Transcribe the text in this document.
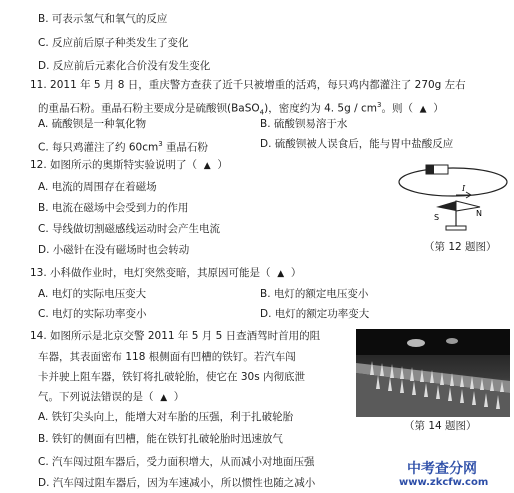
B. 可表示氢气和氧气的反应
C. 反应前后原子种类发生了变化
D. 反应前后元素化合价没有发生变化
11. 2011 年 5 月 8 日，重庆警方查获了近千只被增重的活鸡，每只鸡内都灌注了 270g 左右
的重晶石粉。重晶石粉主要成分是硫酸钡(BaSO$_4$)，密度约为 4. $5g / cm^3$。则（ ▲ ）
A. 硫酸钡是一种氧化物	B. 硫酸钡易溶于水
C. 每只鸡灌注了约 $60cm^3$ 重晶石粉	D. 硫酸钡被人误食后，能与胃中盐酸反应
12. 如图所示的奥斯特实验说明了（ ▲ ）
A. 电流的周围存在着磁场
B. 电流在磁场中会受到力的作用
C. 导线做切割磁感线运动时会产生电流
D. 小磁针在没有磁场时也会转动
I
S	N
（第 12 题图）
13. 小科做作业时，电灯突然变暗，其原因可能是（ ▲ ）
A. 电灯的实际电压变大	B. 电灯的额定电压变小
C. 电灯的实际功率变小	D. 电灯的额定功率变大
14. 如图所示是北京交警 2011 年 5 月 5 日查酒驾时首用的阻
车器，其表面密布 118 根侧面有凹槽的铁钉。若汽车闯
卡并驶上阻车器，铁钉将扎破轮胎，使它在 30s 内彻底泄
气。下列说法错误的是（ ▲ ）
A. 铁钉尖头向上，能增大对车胎的压强，利于扎破轮胎
B. 铁钉的侧面有凹槽，能在铁钉扎破轮胎时迅速放气
C. 汽车闯过阻车器后，受力面积增大，从而减小对地面压强
D. 汽车闯过阻车器后，因为车速减小，所以惯性也随之减小
（第 14 题图）
中考查分网
www.zkcfw.com
